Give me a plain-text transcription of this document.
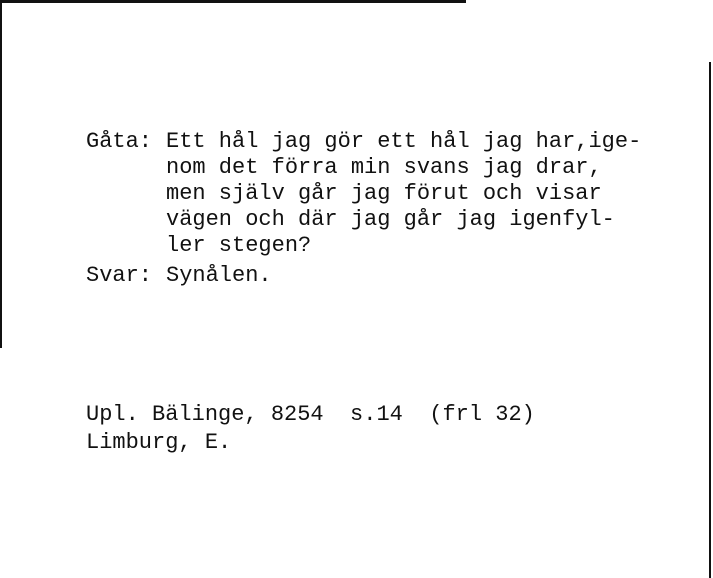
Gåta: Ett hål jag gör ett hål jag har,ige-
nom det förra min svans jag drar,
men själv går jag förut och visar
vägen och där jag går jag igenfyl-
ler stegen?
Svar: Synålen.
Upl. Bälinge, 8254  s.14  (frl 32)
Limburg, E.
